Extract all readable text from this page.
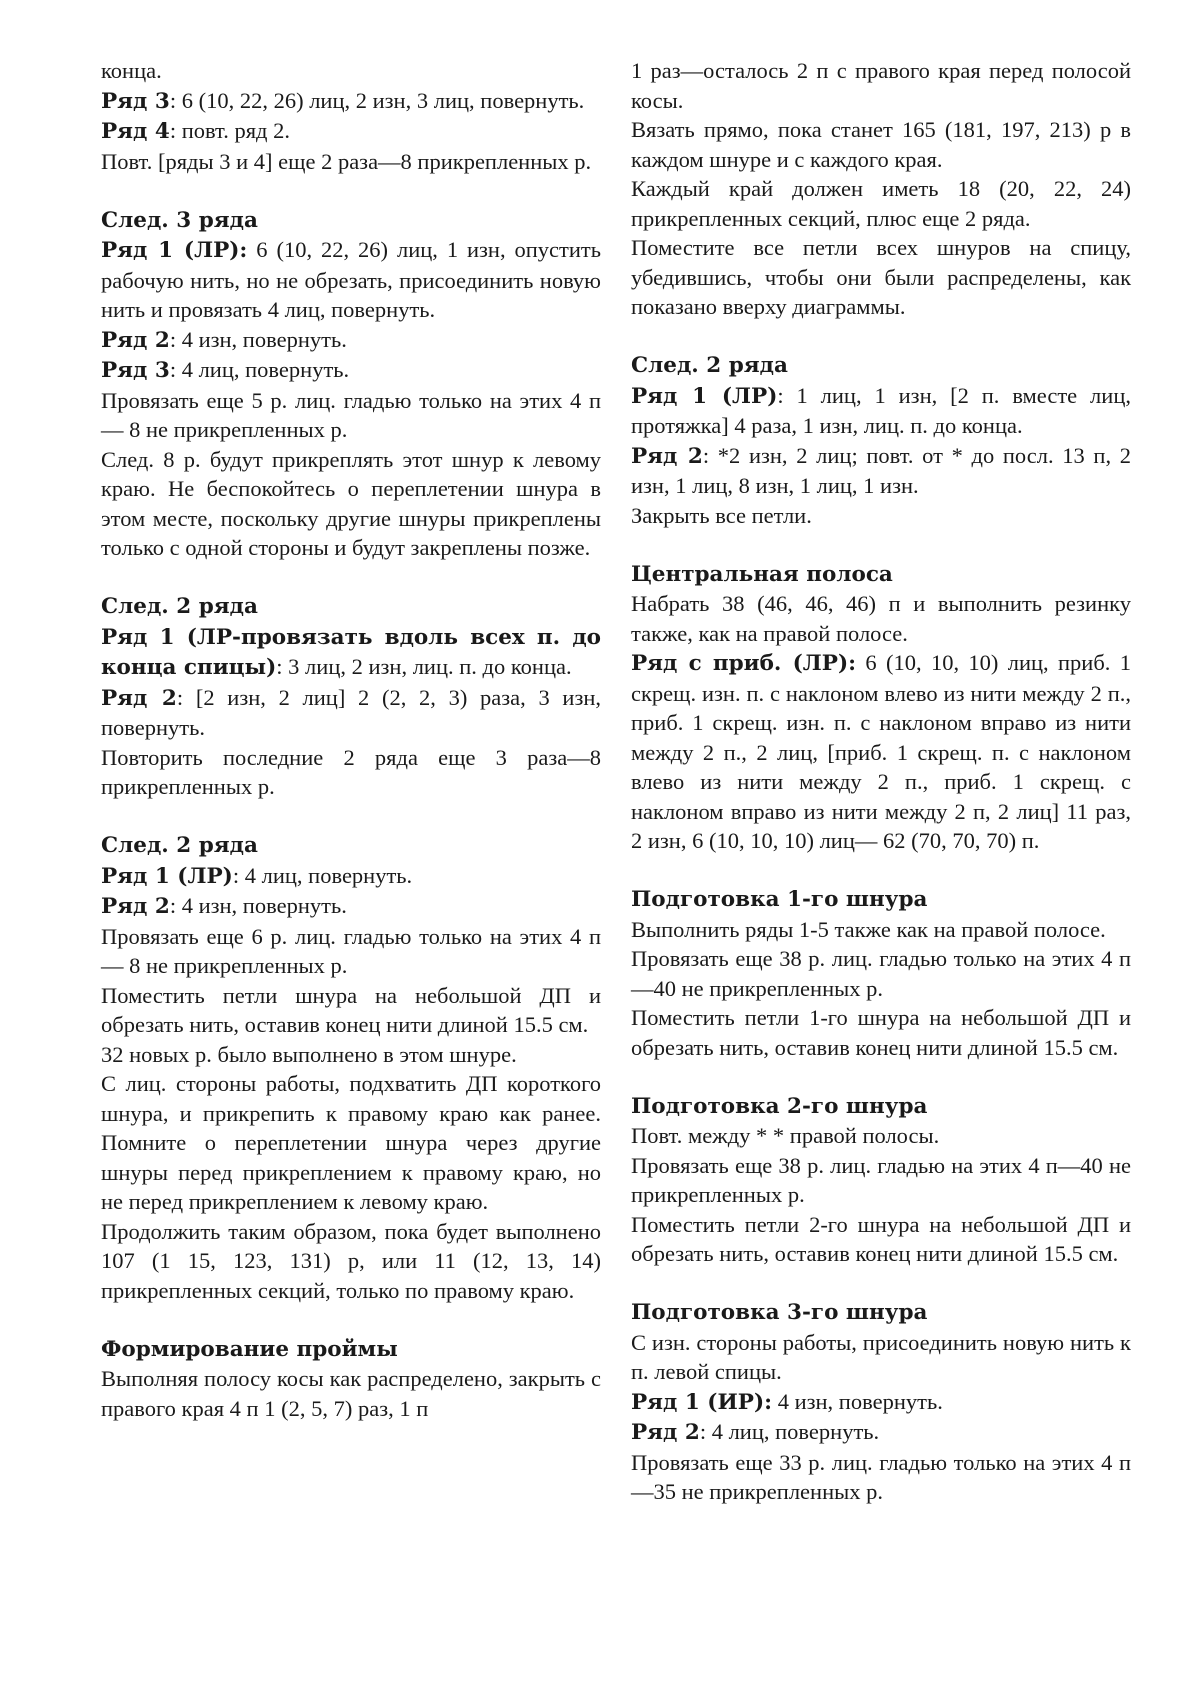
конца.

Ряд 3: 6 (10, 22, 26) лиц, 2 изн, 3 лиц, повернуть.

Ряд 4: повт. ряд 2.

Повт. [ряды 3 и 4] еще 2 раза—8 прикрепленных р.

След. 3 ряда

Ряд 1 (ЛР): 6 (10, 22, 26) лиц, 1 изн, опустить рабочую нить, но не обрезать, присоединить новую нить и провязать 4 лиц, повернуть.

Ряд 2: 4 изн, повернуть.

Ряд 3: 4 лиц, повернуть.

Провязать еще 5 р. лиц. гладью только на этих 4 п— 8 не прикрепленных р.

След. 8 р. будут прикреплять этот шнур к левому краю. Не беспокойтесь о переплетении шнура в этом месте, поскольку другие шнуры прикреплены только с одной стороны и будут закреплены позже.

След. 2 ряда

Ряд 1 (ЛР-провязать вдоль всех п. до конца спицы): 3 лиц, 2 изн, лиц. п. до конца.

Ряд 2: [2 изн, 2 лиц] 2 (2, 2, 3) раза, 3 изн, повернуть.

Повторить последние 2 ряда еще 3 раза—8 прикрепленных р.

След. 2 ряда

Ряд 1 (ЛР): 4 лиц, повернуть.

Ряд 2: 4 изн, повернуть.

Провязать еще 6 р. лиц. гладью только на этих 4 п— 8 не прикрепленных р.

Поместить петли шнура на небольшой ДП и обрезать нить, оставив конец нити длиной 15.5 см.

32 новых р. было выполнено в этом шнуре.

С лиц. стороны работы, подхватить ДП короткого шнура, и прикрепить к правому краю как ранее. Помните о переплетении шнура через другие шнуры перед прикреплением к правому краю, но не перед прикреплением к левому краю.

Продолжить таким образом, пока будет выполнено 107 (1 15, 123, 131) р, или 11 (12, 13, 14) прикрепленных секций, только по правому краю.

Формирование проймы

Выполняя полосу косы как распределено, закрыть с правого края 4 п 1 (2, 5, 7) раз, 1 п

1 раз—осталось 2 п с правого края перед полосой косы.

Вязать прямо, пока станет 165 (181, 197, 213) р в каждом шнуре и с каждого края.

Каждый край должен иметь 18 (20, 22, 24) прикрепленных секций, плюс еще 2 ряда.

Поместите все петли всех шнуров на спицу, убедившись, чтобы они были распределены, как показано вверху диаграммы.

След. 2 ряда

Ряд 1 (ЛР): 1 лиц, 1 изн, [2 п. вместе лиц, протяжка] 4 раза, 1 изн, лиц. п. до конца.

Ряд 2: *2 изн, 2 лиц; повт. от * до посл. 13 п, 2 изн, 1 лиц, 8 изн, 1 лиц, 1 изн.

Закрыть все петли.

Центральная полоса

Набрать 38 (46, 46, 46) п и выполнить резинку также, как на правой полосе.

Ряд с приб. (ЛР): 6 (10, 10, 10) лиц, приб. 1 скрещ. изн. п. с наклоном влево из нити между 2 п., приб. 1 скрещ. изн. п. с наклоном вправо из нити между 2 п., 2 лиц, [приб. 1 скрещ. п. с наклоном влево из нити между 2 п., приб. 1 скрещ. с наклоном вправо из нити между 2 п, 2 лиц] 11 раз, 2 изн, 6 (10, 10, 10) лиц— 62 (70, 70, 70) п.

Подготовка 1-го шнура

Выполнить ряды 1-5 также как на правой полосе.

Провязать еще 38 р. лиц. гладью только на этих 4 п—40 не прикрепленных р.

Поместить петли 1-го шнура на небольшой ДП и обрезать нить, оставив конец нити длиной 15.5 см.

Подготовка 2-го шнура

Повт. между * * правой полосы.

Провязать еще 38 р. лиц. гладью на этих 4 п—40 не прикрепленных р.

Поместить петли 2-го шнура на небольшой ДП и обрезать нить, оставив конец нити длиной 15.5 см.

Подготовка 3-го шнура

С изн. стороны работы, присоединить новую нить к п. левой спицы.

Ряд 1 (ИР): 4 изн, повернуть.

Ряд 2: 4 лиц, повернуть.

Провязать еще 33 р. лиц. гладью только на этих 4 п—35 не прикрепленных р.
